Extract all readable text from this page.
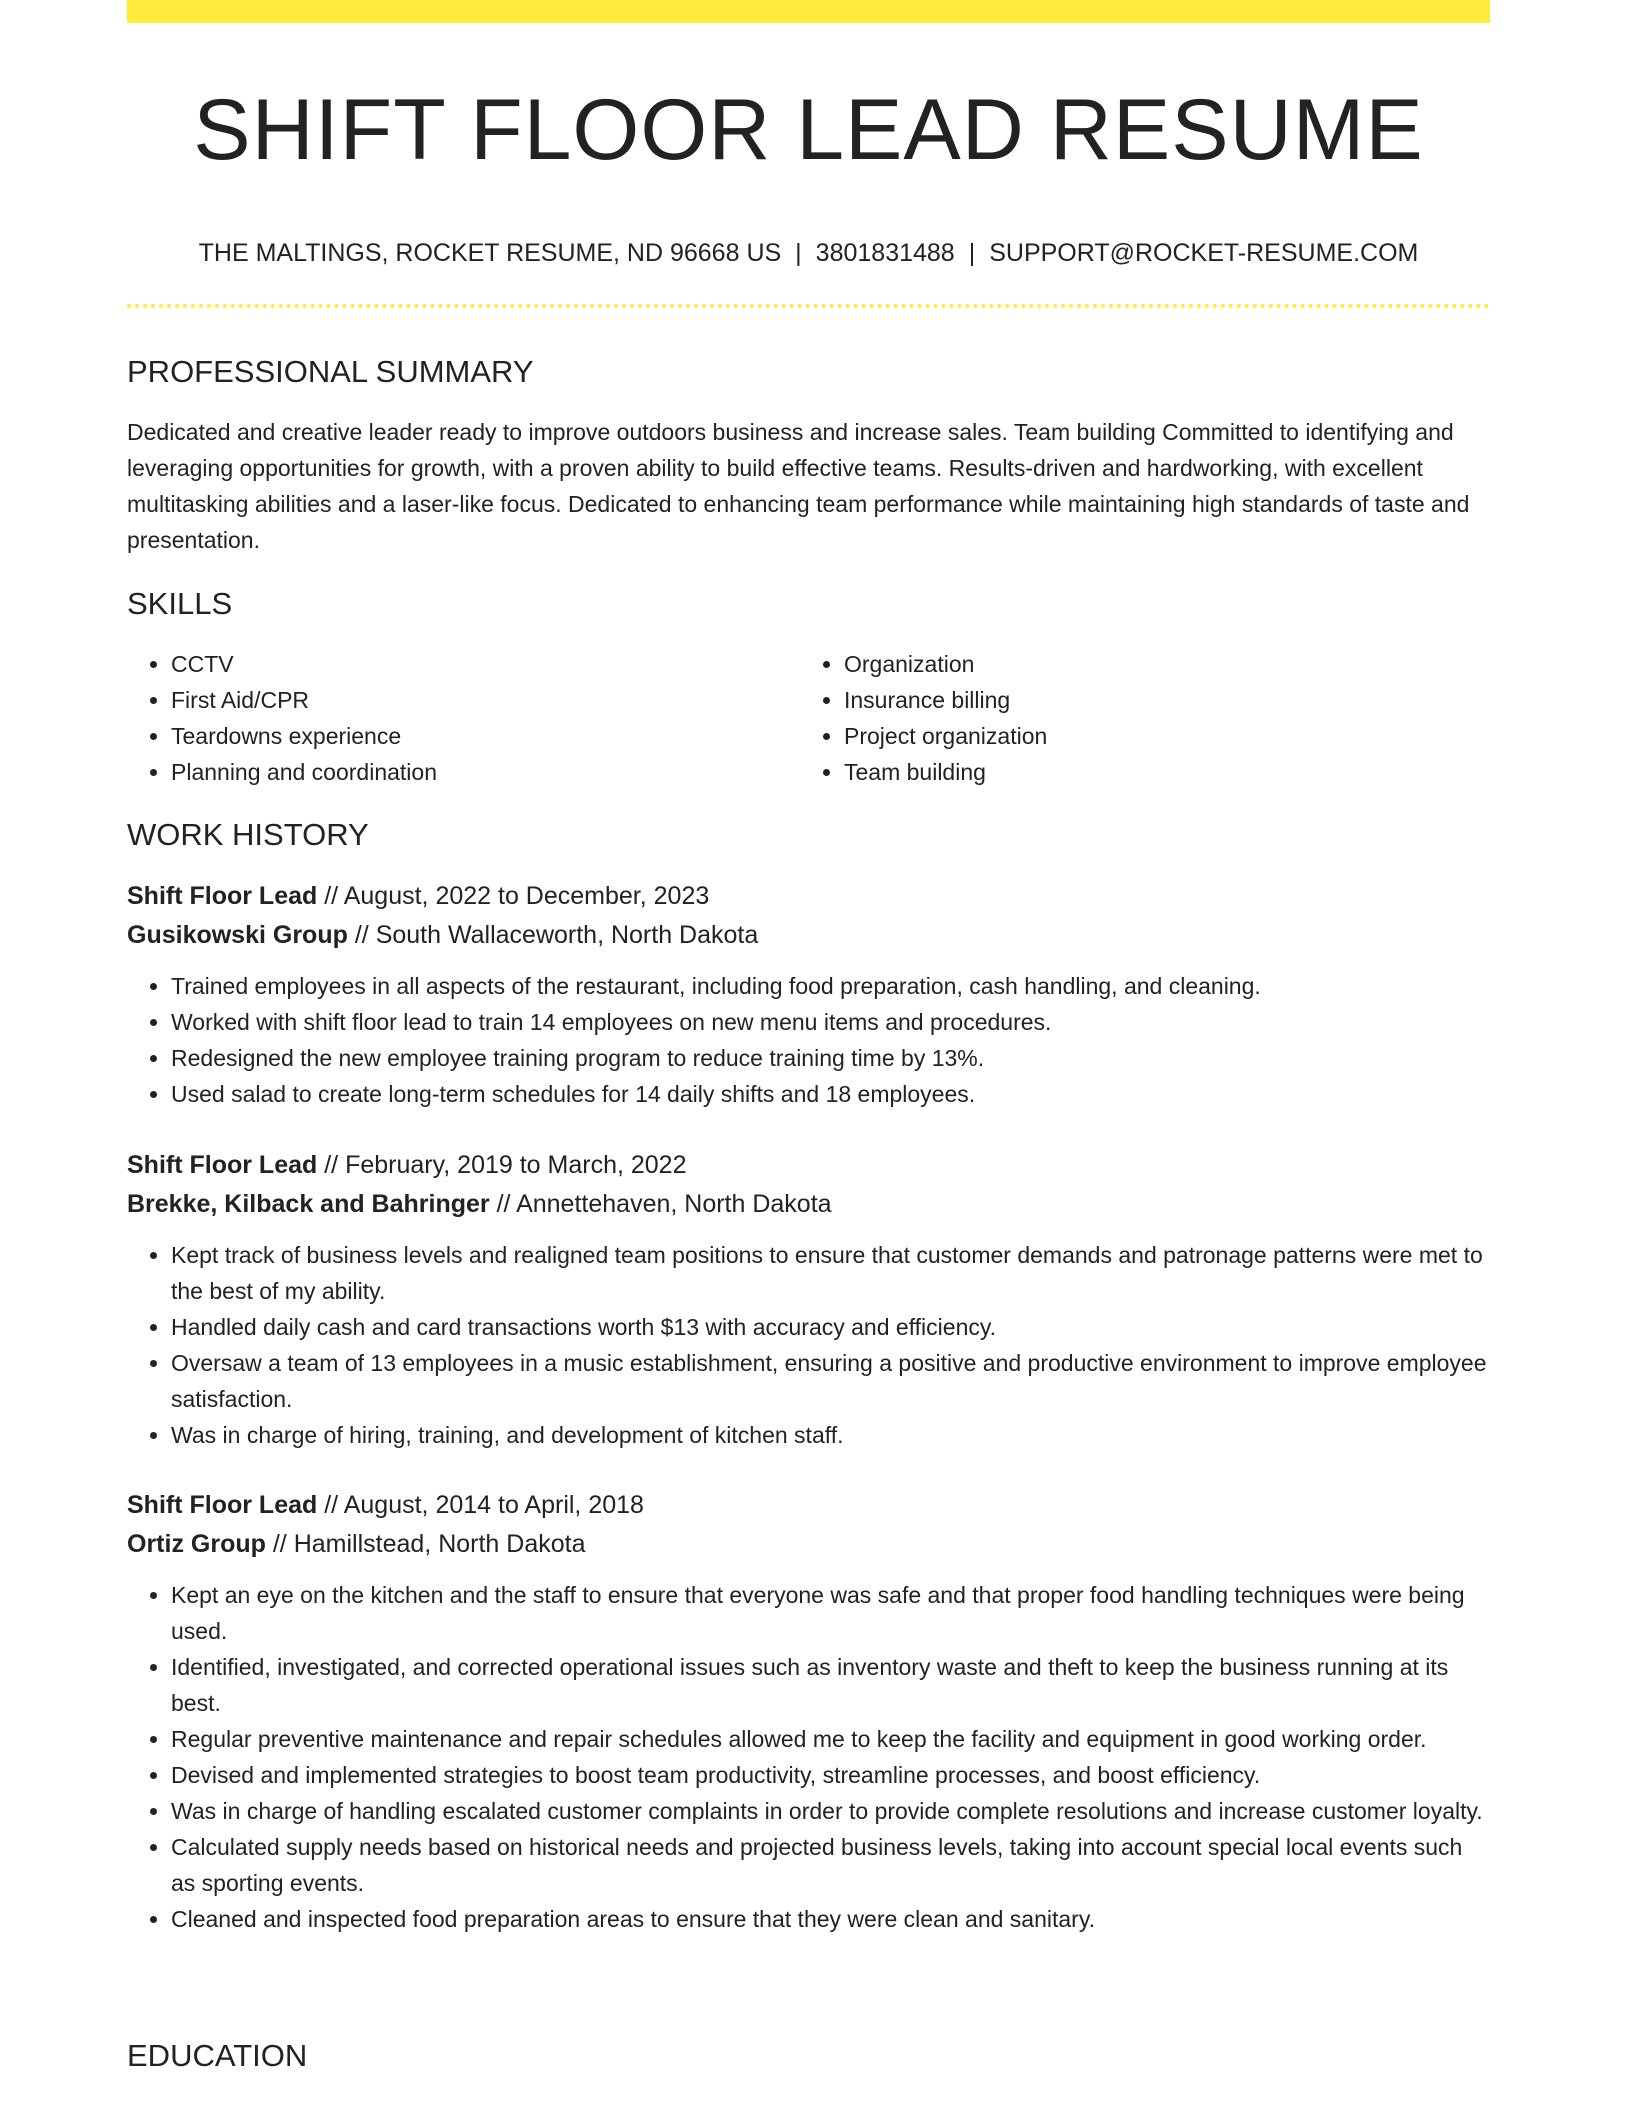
SHIFT FLOOR LEAD RESUME
THE MALTINGS, ROCKET RESUME, ND 96668 US | 3801831488 | SUPPORT@ROCKET-RESUME.COM
PROFESSIONAL SUMMARY

Dedicated and creative leader ready to improve outdoors business and increase sales. Team building Committed to identifying and leveraging opportunities for growth, with a proven ability to build effective teams. Results-driven and hardworking, with excellent multitasking abilities and a laser-like focus. Dedicated to enhancing team performance while maintaining high standards of taste and presentation.

SKILLS
• CCTV
• First Aid/CPR
• Teardowns experience
• Planning and coordination
• Organization
• Insurance billing
• Project organization
• Team building
WORK HISTORY

Shift Floor Lead // August, 2022 to December, 2023

Gusikowski Group // South Wallaceworth, North Dakota

• Trained employees in all aspects of the restaurant, including food preparation, cash handling, and cleaning.
• Worked with shift floor lead to train 14 employees on new menu items and procedures.
• Redesigned the new employee training program to reduce training time by 13%.
• Used salad to create long-term schedules for 14 daily shifts and 18 employees.

Shift Floor Lead // February, 2019 to March, 2022

Brekke, Kilback and Bahringer // Annettehaven, North Dakota

• Kept track of business levels and realigned team positions to ensure that customer demands and patronage patterns were met to the best of my ability.
• Handled daily cash and card transactions worth $13 with accuracy and efficiency.
• Oversaw a team of 13 employees in a music establishment, ensuring a positive and productive environment to improve employee satisfaction.
• Was in charge of hiring, training, and development of kitchen staff.

Shift Floor Lead // August, 2014 to April, 2018

Ortiz Group // Hamillstead, North Dakota

• Kept an eye on the kitchen and the staff to ensure that everyone was safe and that proper food handling techniques were being used.
• Identified, investigated, and corrected operational issues such as inventory waste and theft to keep the business running at its best.
• Regular preventive maintenance and repair schedules allowed me to keep the facility and equipment in good working order.
• Devised and implemented strategies to boost team productivity, streamline processes, and boost efficiency.
• Was in charge of handling escalated customer complaints in order to provide complete resolutions and increase customer loyalty.
• Calculated supply needs based on historical needs and projected business levels, taking into account special local events such as sporting events.
• Cleaned and inspected food preparation areas to ensure that they were clean and sanitary.
EDUCATION
